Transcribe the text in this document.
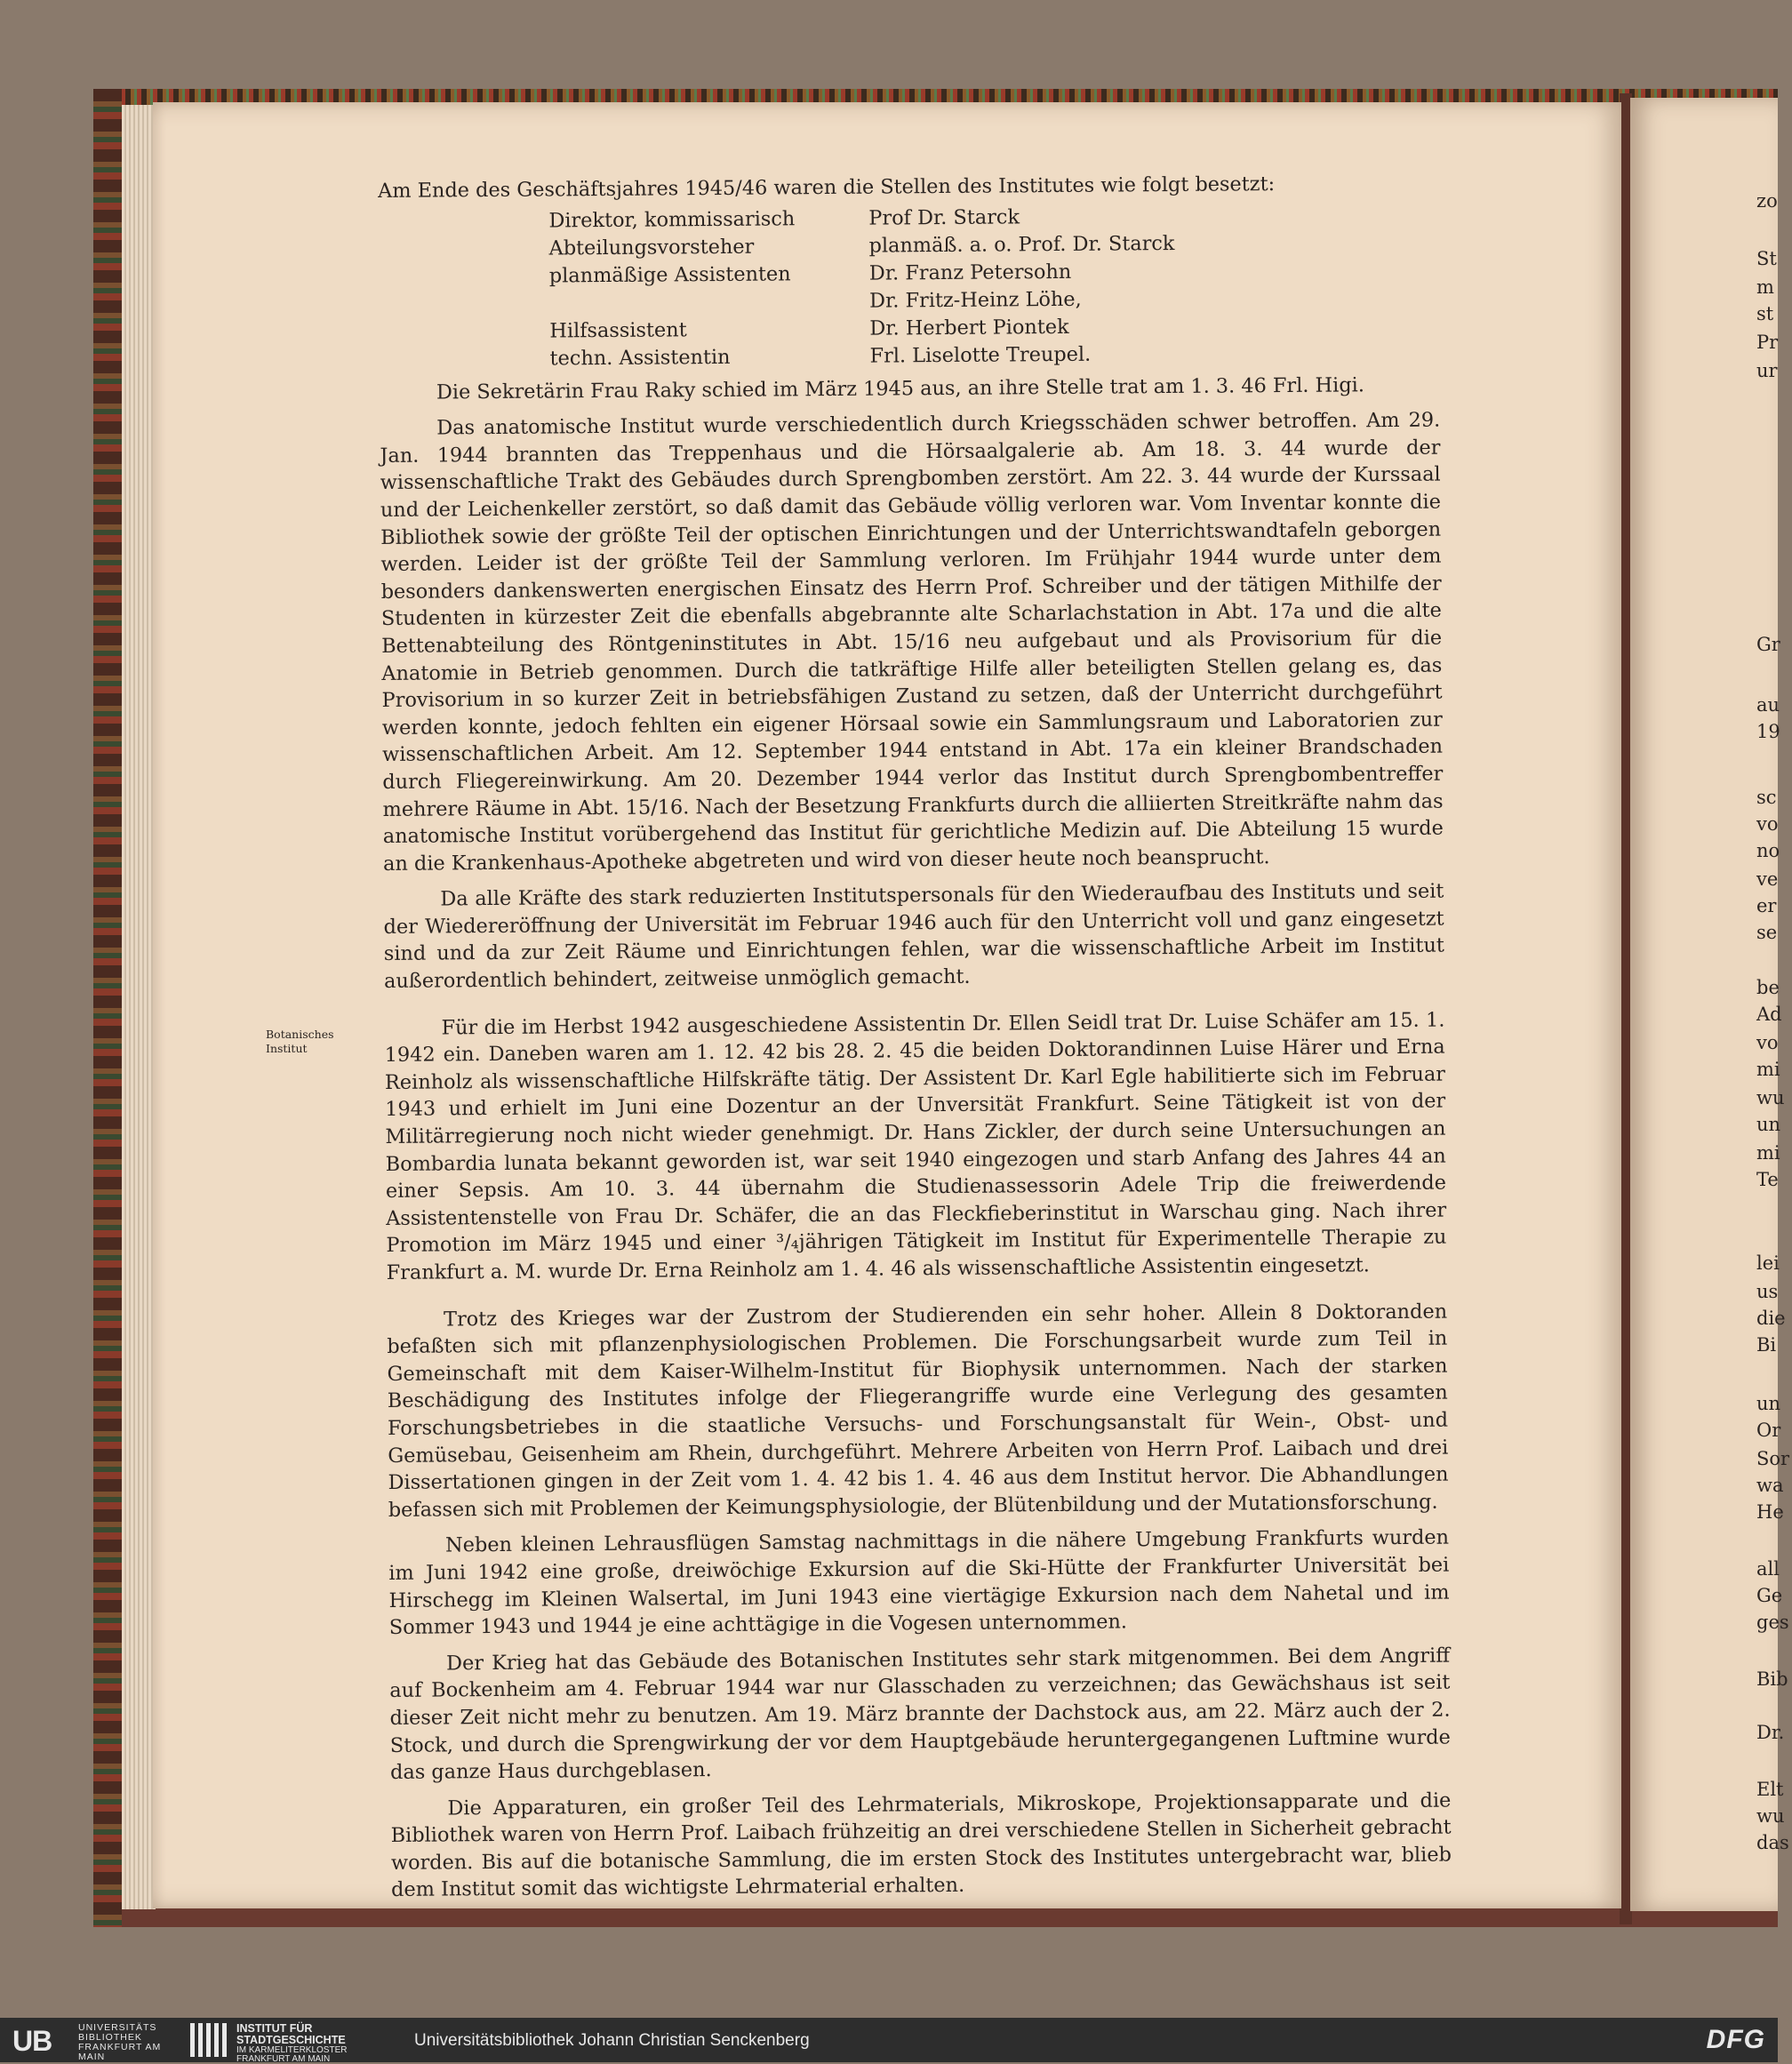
Botanisches Institut

Am Ende des Geschäftsjahres 1945/46 waren die Stellen des Institutes wie folgt besetzt:

Direktor, kommissarisch	Prof Dr. Starck
Abteilungsvorsteher	planmäß. a. o. Prof. Dr. Starck
planmäßige Assistenten	Dr. Franz Petersohn
	Dr. Fritz-Heinz Löhe,
Hilfsassistent	Dr. Herbert Piontek
techn. Assistentin	Frl. Liselotte Treupel.

Die Sekretärin Frau Raky schied im März 1945 aus, an ihre Stelle trat am 1. 3. 46 Frl. Higi.

Das anatomische Institut wurde verschiedentlich durch Kriegsschäden schwer betroffen. Am 29. Jan. 1944 brannten das Treppenhaus und die Hörsaalgalerie ab. Am 18. 3. 44 wurde der wissenschaftliche Trakt des Gebäudes durch Sprengbomben zerstört. Am 22. 3. 44 wurde der Kurssaal und der Leichenkeller zerstört, so daß damit das Gebäude völlig verloren war. Vom Inventar konnte die Bibliothek sowie der größte Teil der optischen Einrichtungen und der Unterrichtswandtafeln geborgen werden. Leider ist der größte Teil der Sammlung verloren. Im Frühjahr 1944 wurde unter dem besonders dankenswerten energischen Einsatz des Herrn Prof. Schreiber und der tätigen Mithilfe der Studenten in kürzester Zeit die ebenfalls abgebrannte alte Scharlachstation in Abt. 17a und die alte Bettenabteilung des Röntgeninstitutes in Abt. 15/16 neu aufgebaut und als Provisorium für die Anatomie in Betrieb genommen. Durch die tatkräftige Hilfe aller beteiligten Stellen gelang es, das Provisorium in so kurzer Zeit in betriebsfähigen Zustand zu setzen, daß der Unterricht durchgeführt werden konnte, jedoch fehlten ein eigener Hörsaal sowie ein Sammlungsraum und Laboratorien zur wissenschaftlichen Arbeit. Am 12. September 1944 entstand in Abt. 17a ein kleiner Brandschaden durch Fliegereinwirkung. Am 20. Dezember 1944 verlor das Institut durch Sprengbombentreffer mehrere Räume in Abt. 15/16. Nach der Besetzung Frankfurts durch die alliierten Streitkräfte nahm das anatomische Institut vorübergehend das Institut für gerichtliche Medizin auf. Die Abteilung 15 wurde an die Krankenhaus-Apotheke abgetreten und wird von dieser heute noch beansprucht.

Da alle Kräfte des stark reduzierten Institutspersonals für den Wiederaufbau des Instituts und seit der Wiedereröffnung der Universität im Februar 1946 auch für den Unterricht voll und ganz eingesetzt sind und da zur Zeit Räume und Einrichtungen fehlen, war die wissenschaftliche Arbeit im Institut außerordentlich behindert, zeitweise unmöglich gemacht.

Für die im Herbst 1942 ausgeschiedene Assistentin Dr. Ellen Seidl trat Dr. Luise Schäfer am 15. 1. 1942 ein. Daneben waren am 1. 12. 42 bis 28. 2. 45 die beiden Doktorandinnen Luise Härer und Erna Reinholz als wissenschaftliche Hilfskräfte tätig. Der Assistent Dr. Karl Egle habilitierte sich im Februar 1943 und erhielt im Juni eine Dozentur an der Unversität Frankfurt. Seine Tätigkeit ist von der Militärregierung noch nicht wieder genehmigt. Dr. Hans Zickler, der durch seine Untersuchungen an Bombardia lunata bekannt geworden ist, war seit 1940 eingezogen und starb Anfang des Jahres 44 an einer Sepsis. Am 10. 3. 44 übernahm die Studienassessorin Adele Trip die freiwerdende Assistentenstelle von Frau Dr. Schäfer, die an das Fleckfieberinstitut in Warschau ging. Nach ihrer Promotion im März 1945 und einer ³/₄jährigen Tätigkeit im Institut für Experimentelle Therapie zu Frankfurt a. M. wurde Dr. Erna Reinholz am 1. 4. 46 als wissenschaftliche Assistentin eingesetzt.

Trotz des Krieges war der Zustrom der Studierenden ein sehr hoher. Allein 8 Doktoranden befaßten sich mit pflanzenphysiologischen Problemen. Die Forschungsarbeit wurde zum Teil in Gemeinschaft mit dem Kaiser-Wilhelm-Institut für Biophysik unternommen. Nach der starken Beschädigung des Institutes infolge der Fliegerangriffe wurde eine Verlegung des gesamten Forschungsbetriebes in die staatliche Versuchs- und Forschungsanstalt für Wein-, Obst- und Gemüsebau, Geisenheim am Rhein, durchgeführt. Mehrere Arbeiten von Herrn Prof. Laibach und drei Dissertationen gingen in der Zeit vom 1. 4. 42 bis 1. 4. 46 aus dem Institut hervor. Die Abhandlungen befassen sich mit Problemen der Keimungsphysiologie, der Blütenbildung und der Mutationsforschung.

Neben kleinen Lehrausflügen Samstag nachmittags in die nähere Umgebung Frankfurts wurden im Juni 1942 eine große, dreiwöchige Exkursion auf die Ski-Hütte der Frankfurter Universität bei Hirschegg im Kleinen Walsertal, im Juni 1943 eine viertägige Exkursion nach dem Nahetal und im Sommer 1943 und 1944 je eine achttägige in die Vogesen unternommen.

Der Krieg hat das Gebäude des Botanischen Institutes sehr stark mitgenommen. Bei dem Angriff auf Bockenheim am 4. Februar 1944 war nur Glasschaden zu verzeichnen; das Gewächshaus ist seit dieser Zeit nicht mehr zu benutzen. Am 19. März brannte der Dachstock aus, am 22. März auch der 2. Stock, und durch die Sprengwirkung der vor dem Hauptgebäude heruntergegangenen Luftmine wurde das ganze Haus durchgeblasen.

Die Apparaturen, ein großer Teil des Lehrmaterials, Mikroskope, Projektionsapparate und die Bibliothek waren von Herrn Prof. Laibach frühzeitig an drei verschiedene Stellen in Sicherheit gebracht worden. Bis auf die botanische Sammlung, die im ersten Stock des Institutes untergebracht war, blieb dem Institut somit das wichtigste Lehrmaterial erhalten.

zo
St
m
st
Pr
ur
Gr
au
19
sc
vo
no
ve
er
se
be
Ad
vo
mi
wu
un
mi
Te
lei
us
die
Bi
un
Or
Sor
wa
He
all
Ge
ges
Bib
Dr.
Elt
wu
das
UB	UNIVERSITÄTS BIBLIOTHEK FRANKFURT AM MAIN
INSTITUT FÜR STADTGESCHICHTE
IM KARMELITERKLOSTER FRANKFURT AM MAIN
Universitätsbibliothek Johann Christian Senckenberg	DFG
